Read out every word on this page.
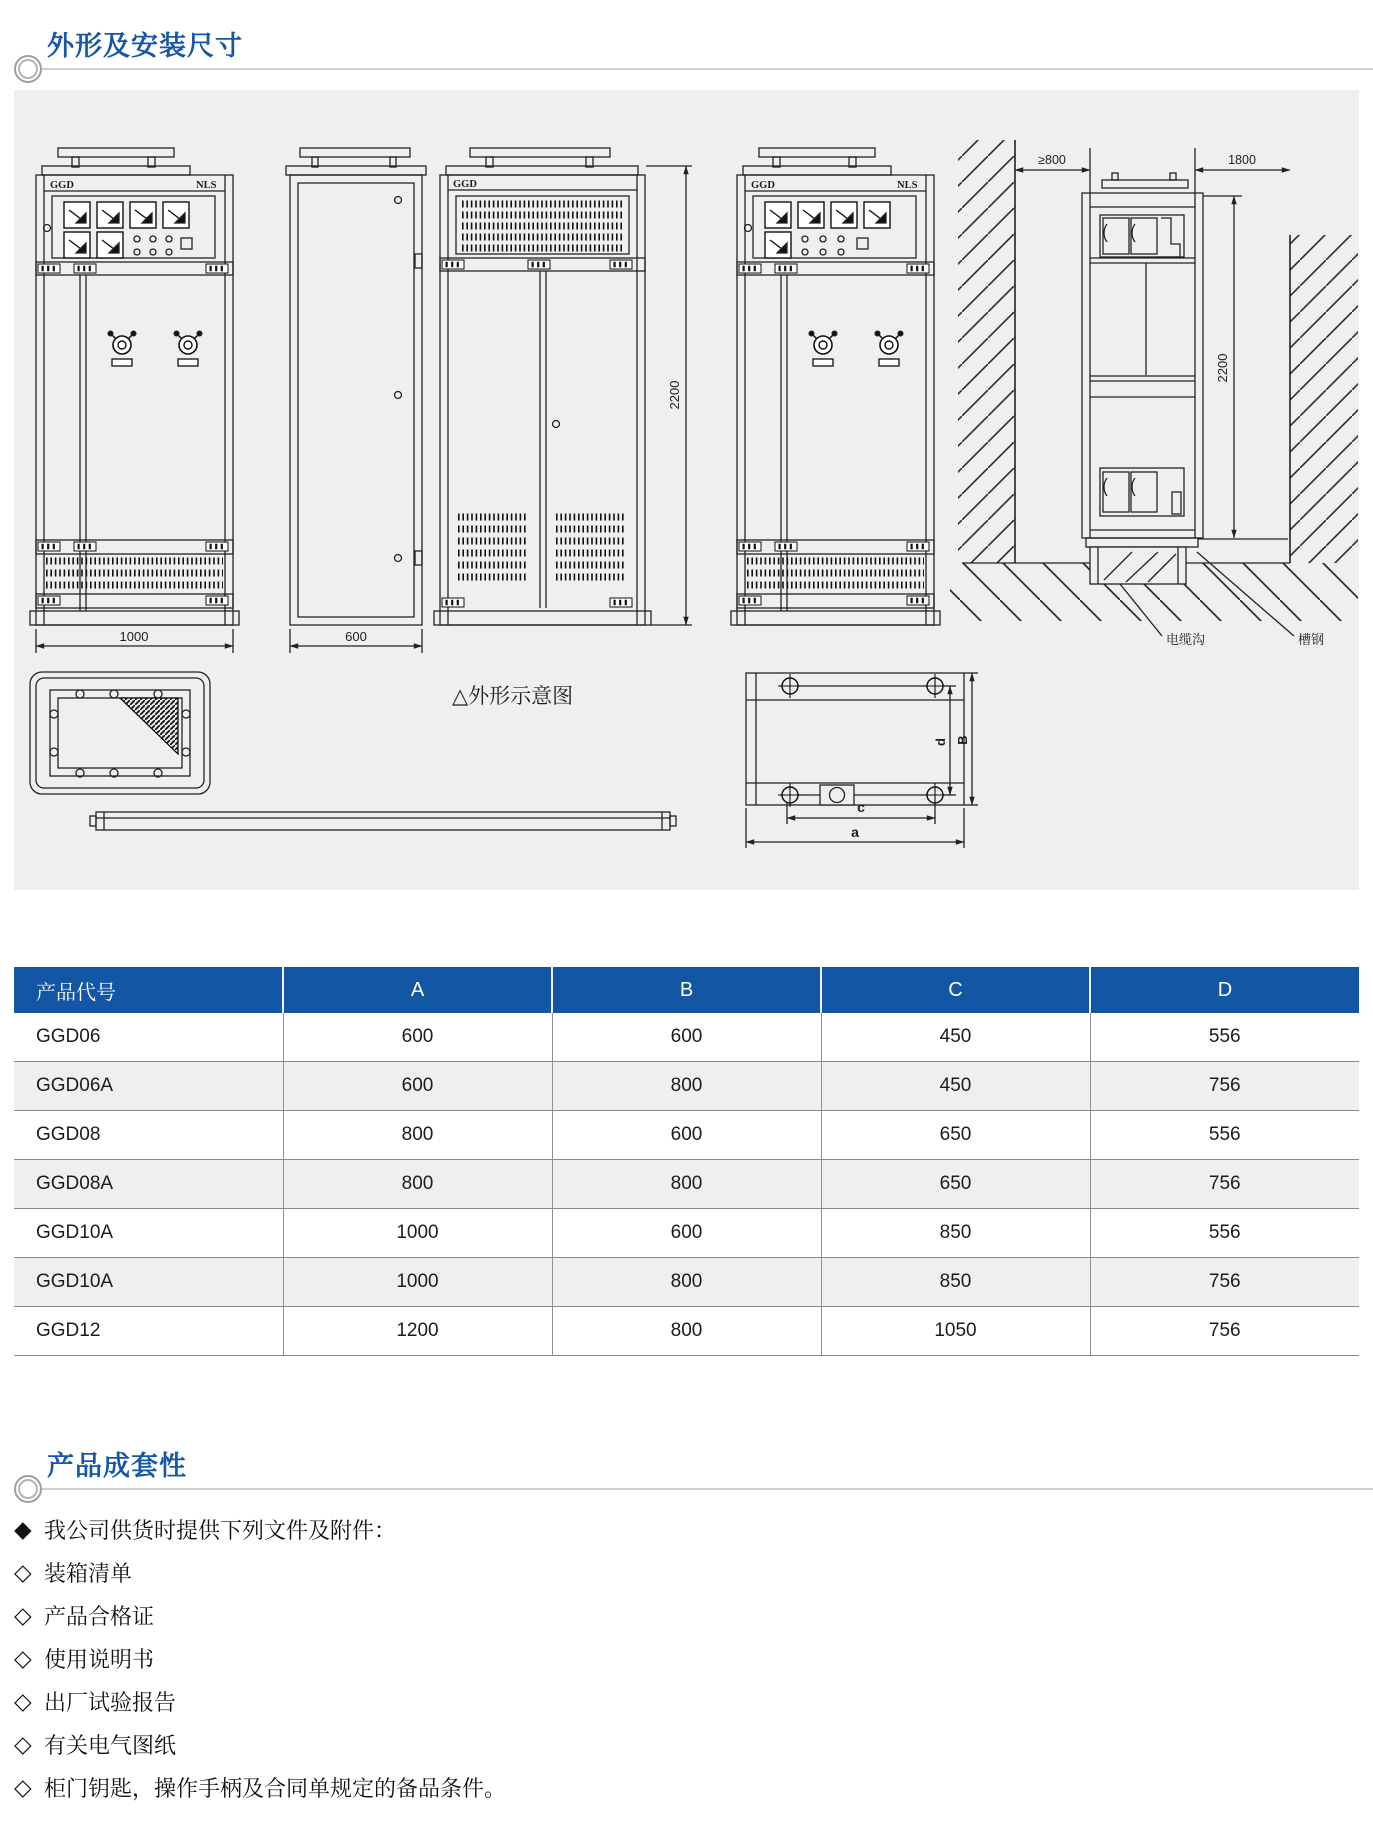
外形及安装尺寸
1000
GGD	NLS
600
2200
GGD	GGD	NLS
≥800	1800
2200
电缆沟	槽钢
△外形示意图
c
a
d B
产品代号	A	B	C	D
GGD06	600	600	450	556
GGD06A	600	800	450	756
GGD08	800	600	650	556
GGD08A	800	800	650	756
GGD10A	1000	600	850	556
GGD10A	1000	800	850	756
GGD12	1200	800	1050	756
产品成套性
◆ 我公司供货时提供下列文件及附件：
◇ 装箱清单
◇ 产品合格证
◇ 使用说明书
◇ 出厂试验报告
◇ 有关电气图纸
◇ 柜门钥匙，操作手柄及合同单规定的备品条件。
